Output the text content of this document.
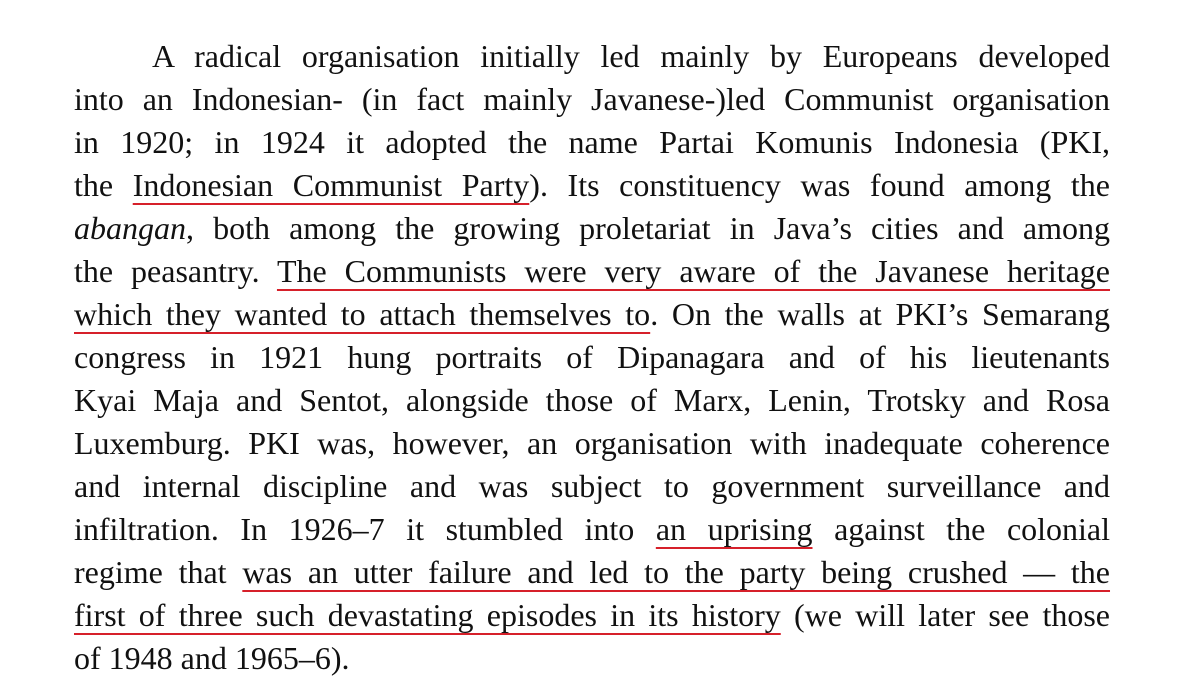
A radical organisation initially led mainly by Europeans developed
into an Indonesian- (in fact mainly Javanese-)led Communist organisation
in 1920; in 1924 it adopted the name Partai Komunis Indonesia (PKI,
the Indonesian Communist Party). Its constituency was found among the
abangan, both among the growing proletariat in Java’s cities and among
the peasantry. The Communists were very aware of the Javanese heritage
which they wanted to attach themselves to. On the walls at PKI’s Semarang
congress in 1921 hung portraits of Dipanagara and of his lieutenants
Kyai Maja and Sentot, alongside those of Marx, Lenin, Trotsky and Rosa
Luxemburg. PKI was, however, an organisation with inadequate coherence
and internal discipline and was subject to government surveillance and
infiltration. In 1926–7 it stumbled into an uprising against the colonial
regime that was an utter failure and led to the party being crushed — the
first of three such devastating episodes in its history (we will later see those
of 1948 and 1965–6).
